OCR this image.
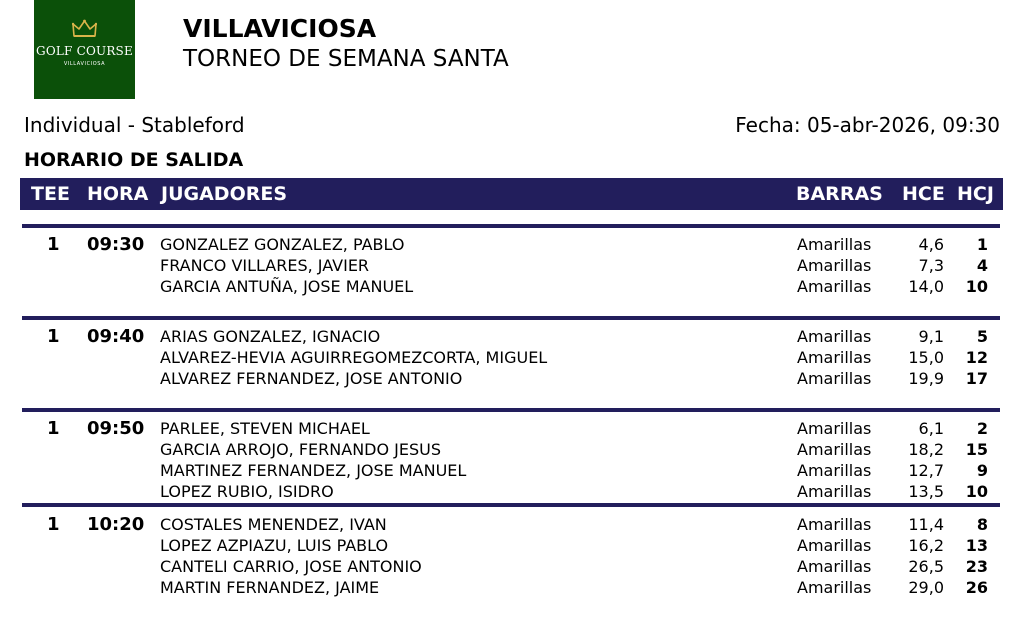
GOLF COURSE
VILLAVICIOSA
VILLAVICIOSA
TORNEO DE SEMANA SANTA
Individual - Stableford	Fecha: 05-abr-2026, 09:30
HORARIO DE SALIDA
TEE HORA JUGADORES	BARRAS HCE HCJ
1 09:30 GONZALEZ GONZALEZ, PABLO	Amarillas	4,6	1
FRANCO VILLARES, JAVIER	Amarillas	7,3	4
GARCIA ANTUÑA, JOSE MANUEL	Amarillas	14,0	10
1 09:40 ARIAS GONZALEZ, IGNACIO	Amarillas	9,1	5
ALVAREZ-HEVIA AGUIRREGOMEZCORTA, MIGUEL	Amarillas	15,0	12
ALVAREZ FERNANDEZ, JOSE ANTONIO	Amarillas	19,9	17
1 09:50 PARLEE, STEVEN MICHAEL	Amarillas	6,1	2
GARCIA ARROJO, FERNANDO JESUS	Amarillas	18,2	15
MARTINEZ FERNANDEZ, JOSE MANUEL	Amarillas	12,7	9
LOPEZ RUBIO, ISIDRO	Amarillas	13,5	10
1 10:20 COSTALES MENENDEZ, IVAN	Amarillas	11,4	8
LOPEZ AZPIAZU, LUIS PABLO	Amarillas	16,2	13
CANTELI CARRIO, JOSE ANTONIO	Amarillas	26,5	23
MARTIN FERNANDEZ, JAIME	Amarillas	29,0	26
